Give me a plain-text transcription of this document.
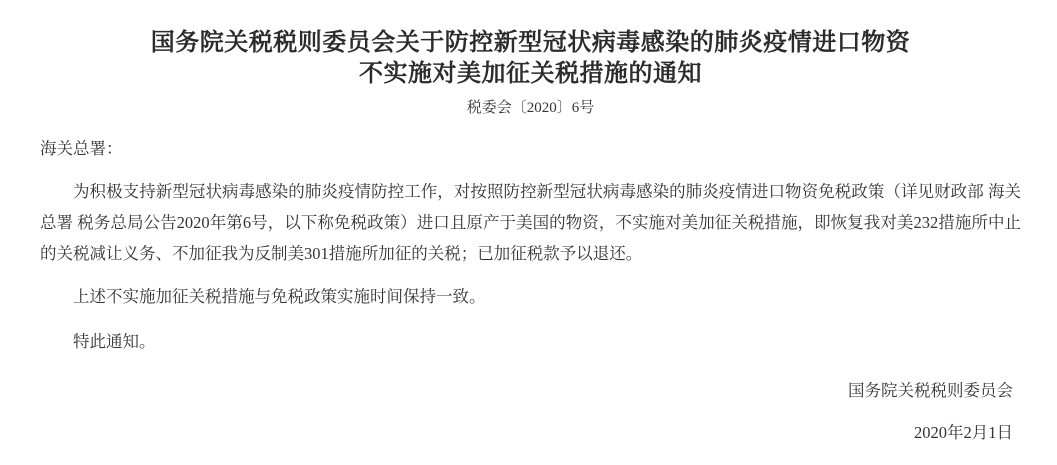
国务院关税税则委员会关于防控新型冠状病毒感染的肺炎疫情进口物资
不实施对美加征关税措施的通知
税委会〔2020〕6号
海关总署：

为积极支持新型冠状病毒感染的肺炎疫情防控工作，对按照防控新型冠状病毒感染的肺炎疫情进口物资免税政策（详见财政部 海关总署 税务总局公告2020年第6号，以下称免税政策）进口且原产于美国的物资，不实施对美加征关税措施，即恢复我对美232措施所中止的关税减让义务、不加征我为反制美301措施所加征的关税；已加征税款予以退还。

上述不实施加征关税措施与免税政策实施时间保持一致。

特此通知。

国务院关税税则委员会
2020年2月1日
